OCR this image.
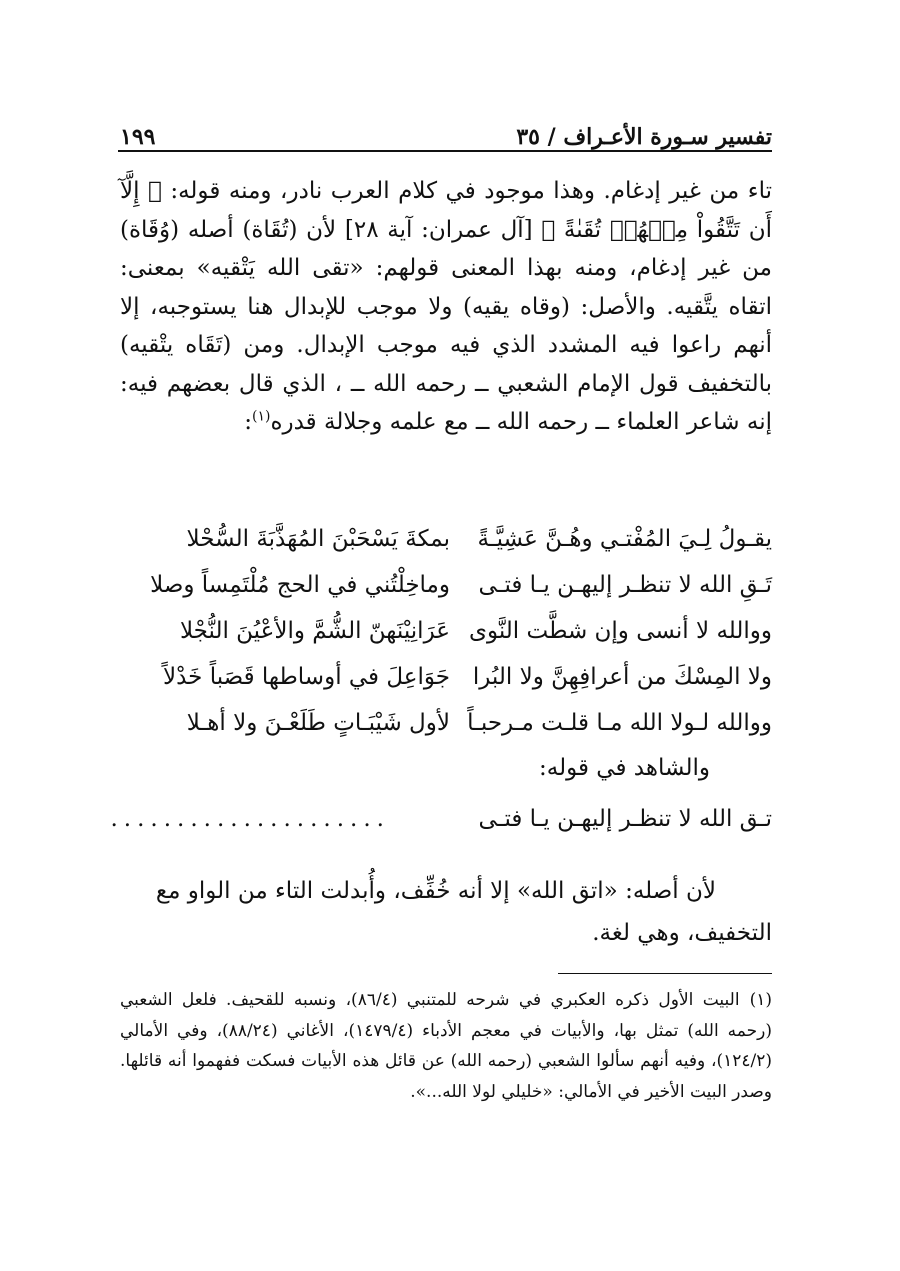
تفسير سـورة الأعـراف / ٣٥
١٩٩

تاء من غير إدغام. وهذا موجود في كلام العرب نادر، ومنه قوله: ﴿ إِلَّآ أَن تَتَّقُواْ مِنۡهُمۡ تُقَىٰةً ﴾ [آل عمران: آية ٢٨] لأن (تُقَاة) أصله (وُقَاة) من غير إدغام، ومنه بهذا المعنى قولهم: «تقى الله يَتْقيه» بمعنى: اتقاه يتَّقيه. والأصل: (وقاه يقيه) ولا موجب للإبدال هنا يستوجبه، إلا أنهم راعوا فيه المشدد الذي فيه موجب الإبدال. ومن (تَقَاه يتْقيه) بالتخفيف قول الإمام الشعبي ــ رحمه الله ــ ، الذي قال بعضهم فيه: إنه شاعر العلماء ــ رحمه الله ــ مع علمه وجلالة قدره$^{(١)}$:

يقـولُ لِـيَ المُفْتـي وهُـنَّ عَشِيَّـةً
بمكةَ يَسْحَبْنَ المُهَذَّبَةَ السُّحْلا
تَـقِ الله لا تنظـر إليهـن يـا فتـى
وماخِلْتُني في الحج مُلْتَمِساً وصلا
ووالله لا أنسى وإن شطَّت النَّوى
عَرَانِيْنَهنّ الشُّمَّ والأعْيُنَ النُّجْلا
ولا المِسْكَ من أعرافِهِنَّ ولا البُرا
جَوَاعِلَ في أوساطها قَصَباً خَدْلاً
ووالله لـولا الله مـا قلـت مـرحبـاً
لأول شَيْبَـاتٍ طَلَعْـنَ ولا أهـلا
والشاهد في قوله:
تـق الله لا تنظـر إليهـن يـا فتـى
.....................
لأن أصله: «اتق الله» إلا أنه خُفِّف، وأُبدلت التاء من الواو مع التخفيف، وهي لغة.
(١)البيت الأول ذكره العكبري في شرحه للمتنبي (٨٦/٤)، ونسبه للقحيف. فلعل الشعبي (رحمه الله) تمثل بها، والأبيات في معجم الأدباء (١٤٧٩/٤)، الأغاني (٨٨/٢٤)، وفي الأمالي (١٢٤/٢)، وفيه أنهم سألوا الشعبي (رحمه الله) عن قائل هذه الأبيات فسكت ففهموا أنه قائلها. وصدر البيت الأخير في الأمالي: «خليلي لولا الله...».
